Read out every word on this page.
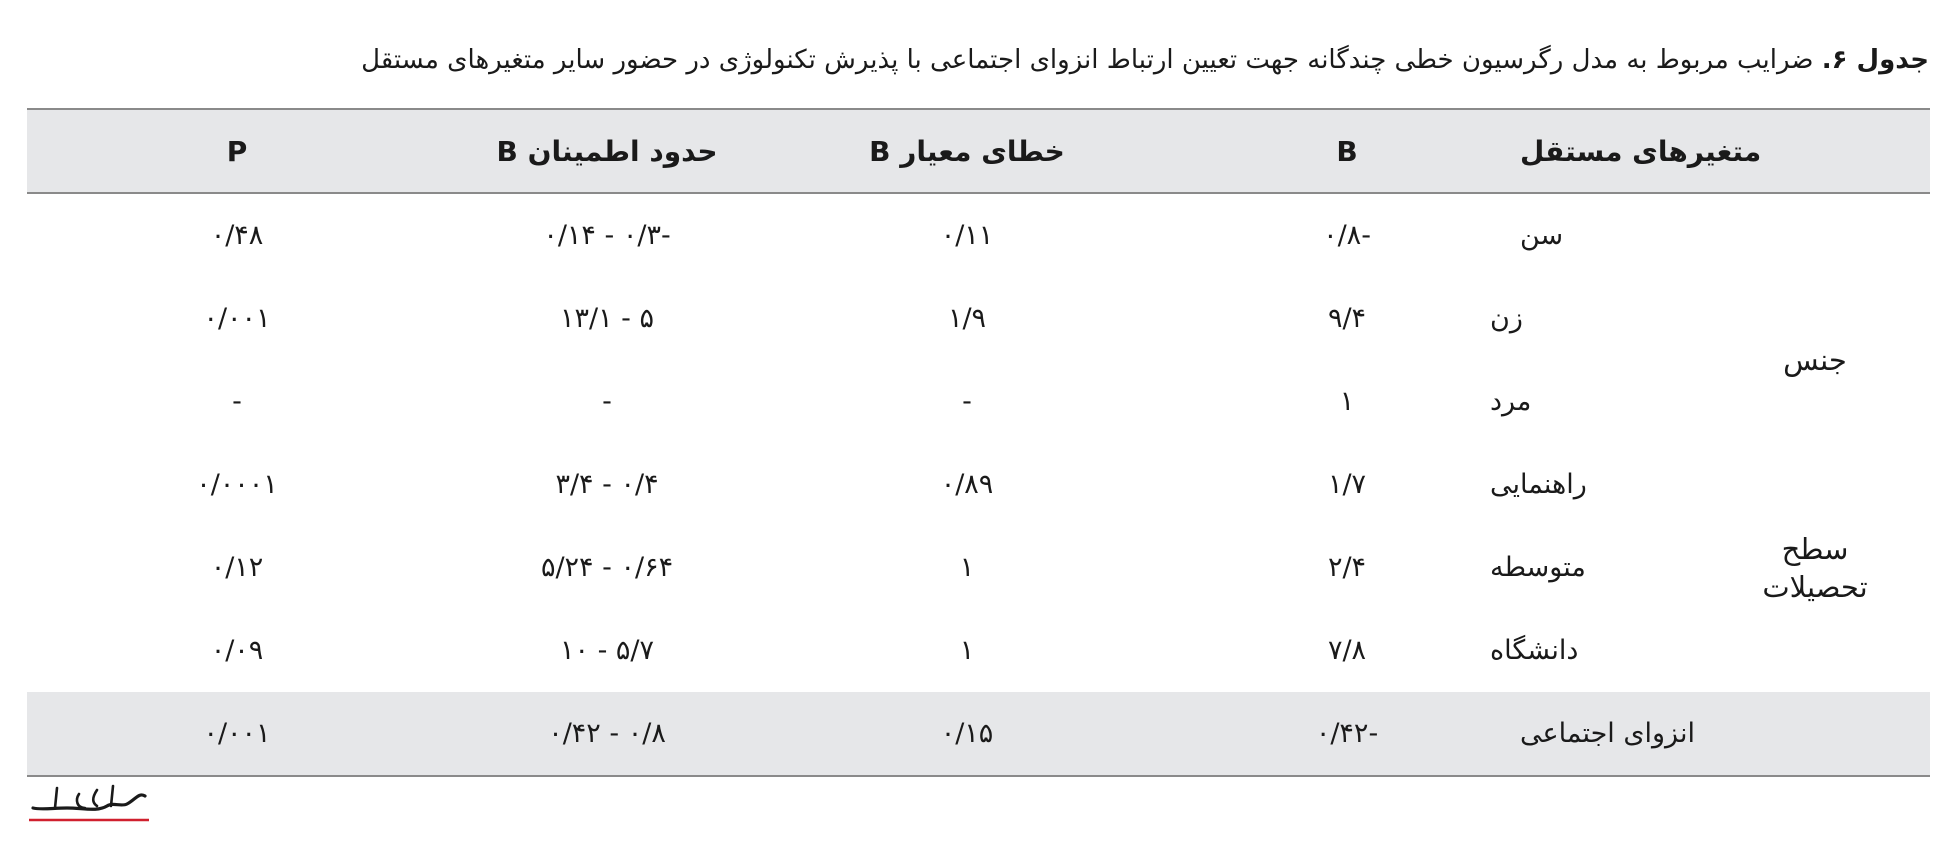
جدول ۶. ضرایب مربوط به مدل رگرسیون خطی چندگانه جهت تعیین ارتباط انزوای اجتماعی با پذیرش تکنولوژی در حضور سایر متغیرهای مستقل
متغیرهای مستقل
B
خطای معیار B
حدود اطمینان B
P
سن
-۰/۸
۰/۱۱
-۰/۳ - ۰/۱۴
۰/۴۸
جنس
زن
۹/۴
۱/۹
۵ - ۱۳/۱
۰/۰۰۱
مرد
۱
-
-
-
سطح تحصیلات
راهنمایی
۱/۷
۰/۸۹
۰/۴ - ۳/۴
۰/۰۰۰۱
متوسطه
۲/۴
۱
۰/۶۴ - ۵/۲۴
۰/۱۲
دانشگاه
۷/۸
۱
۵/۷ - ۱۰
۰/۰۹
انزوای اجتماعی
-۰/۴۲
۰/۱۵
۰/۸ - ۰/۴۲
۰/۰۰۱
